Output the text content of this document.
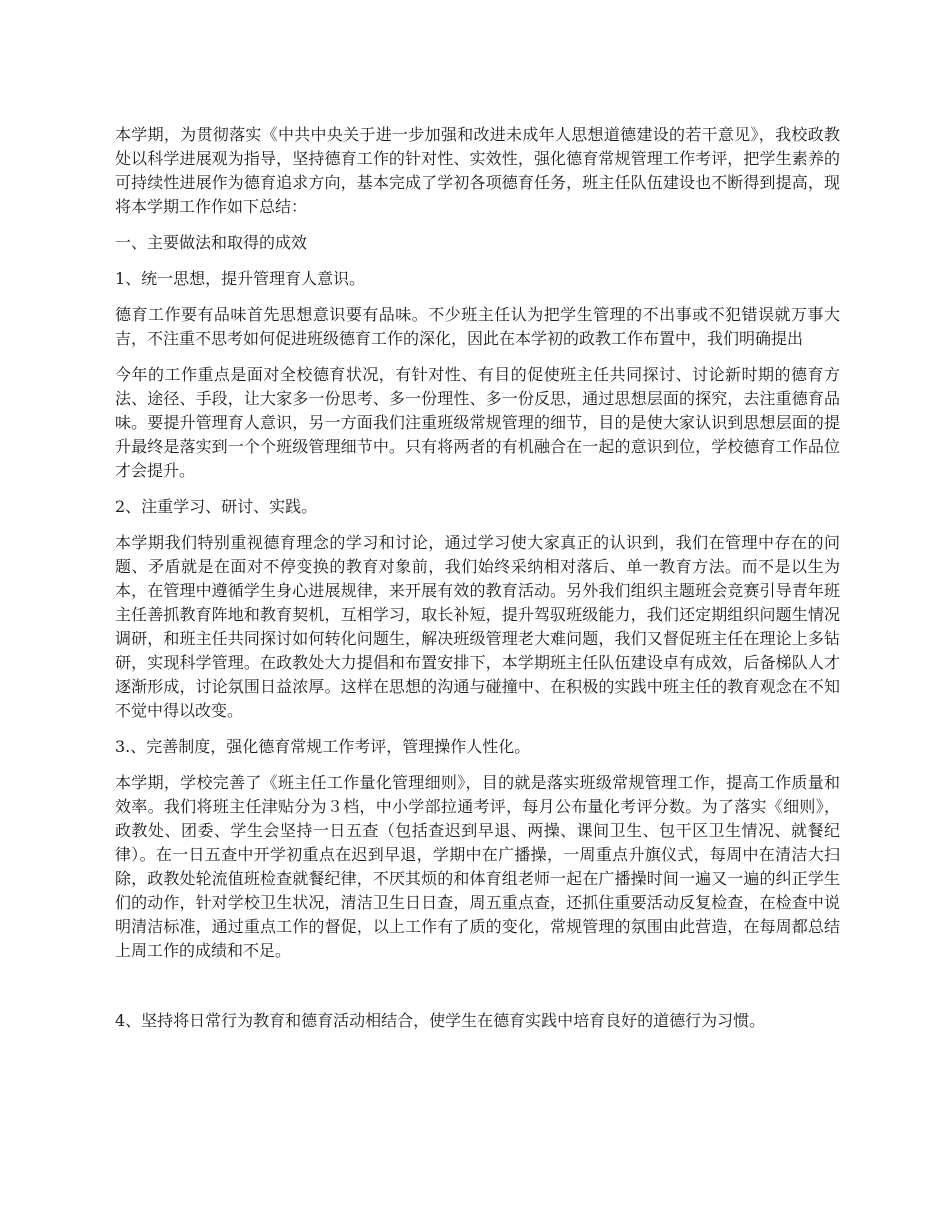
本学期，为贯彻落实《中共中央关于进一步加强和改进未成年人思想道德建设的若干意见》，我校政教处以科学进展观为指导，坚持德育工作的针对性、实效性，强化德育常规管理工作考评，把学生素养的可持续性进展作为德育追求方向，基本完成了学初各项德育任务，班主任队伍建设也不断得到提高，现将本学期工作作如下总结：

一、主要做法和取得的成效

1、统一思想，提升管理育人意识。

德育工作要有品味首先思想意识要有品味。不少班主任认为把学生管理的不出事或不犯错误就万事大吉，不注重不思考如何促进班级德育工作的深化，因此在本学初的政教工作布置中，我们明确提出

今年的工作重点是面对全校德育状况，有针对性、有目的促使班主任共同探讨、讨论新时期的德育方法、途径、手段，让大家多一份思考、多一份理性、多一份反思，通过思想层面的探究，去注重德育品味。要提升管理育人意识，另一方面我们注重班级常规管理的细节，目的是使大家认识到思想层面的提升最终是落实到一个个班级管理细节中。只有将两者的有机融合在一起的意识到位，学校德育工作品位才会提升。

2、注重学习、研讨、实践。

本学期我们特别重视德育理念的学习和讨论，通过学习使大家真正的认识到，我们在管理中存在的问题、矛盾就是在面对不停变换的教育对象前，我们始终采纳相对落后、单一教育方法。而不是以生为本，在管理中遵循学生身心进展规律，来开展有效的教育活动。另外我们组织主题班会竞赛引导青年班主任善抓教育阵地和教育契机，互相学习，取长补短，提升驾驭班级能力，我们还定期组织问题生情况调研，和班主任共同探讨如何转化问题生，解决班级管理老大难问题，我们又督促班主任在理论上多钻研，实现科学管理。在政教处大力提倡和布置安排下，本学期班主任队伍建设卓有成效，后备梯队人才逐渐形成，讨论氛围日益浓厚。这样在思想的沟通与碰撞中、在积极的实践中班主任的教育观念在不知不觉中得以改变。

3.、完善制度，强化德育常规工作考评，管理操作人性化。

本学期，学校完善了《班主任工作量化管理细则》，目的就是落实班级常规管理工作，提高工作质量和效率。我们将班主任津贴分为３档，中小学部拉通考评，每月公布量化考评分数。为了落实《细则》，政教处、团委、学生会坚持一日五查（包括查迟到早退、两操、课间卫生、包干区卫生情况、就餐纪律）。在一日五查中开学初重点在迟到早退，学期中在广播操，一周重点升旗仪式，每周中在清洁大扫除，政教处轮流值班检查就餐纪律，不厌其烦的和体育组老师一起在广播操时间一遍又一遍的纠正学生们的动作，针对学校卫生状况，清洁卫生日日查，周五重点查，还抓住重要活动反复检查，在检查中说明清洁标准，通过重点工作的督促，以上工作有了质的变化，常规管理的氛围由此营造，在每周都总结上周工作的成绩和不足。

4、坚持将日常行为教育和德育活动相结合，使学生在德育实践中培育良好的道德行为习惯。
